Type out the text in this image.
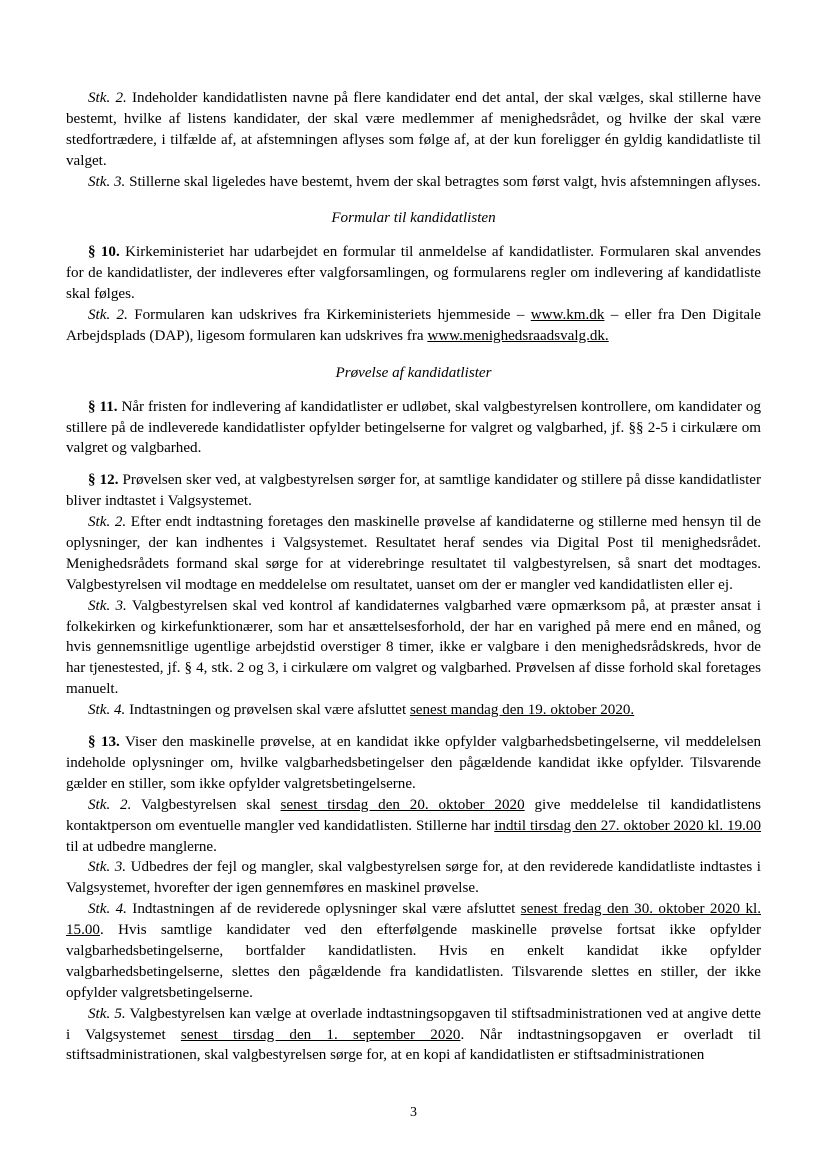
Stk. 2. Indeholder kandidatlisten navne på flere kandidater end det antal, der skal vælges, skal stillerne have bestemt, hvilke af listens kandidater, der skal være medlemmer af menighedsrådet, og hvilke der skal være stedfortrædere, i tilfælde af, at afstemningen aflyses som følge af, at der kun foreligger én gyldig kandidatliste til valget.

Stk. 3. Stillerne skal ligeledes have bestemt, hvem der skal betragtes som først valgt, hvis afstemningen aflyses.

Formular til kandidatlisten

§ 10. Kirkeministeriet har udarbejdet en formular til anmeldelse af kandidatlister. Formularen skal anvendes for de kandidatlister, der indleveres efter valgforsamlingen, og formularens regler om indlevering af kandidatliste skal følges.

Stk. 2. Formularen kan udskrives fra Kirkeministeriets hjemmeside – www.km.dk – eller fra Den Digitale Arbejdsplads (DAP), ligesom formularen kan udskrives fra www.menighedsraadsvalg.dk.

Prøvelse af kandidatlister

§ 11. Når fristen for indlevering af kandidatlister er udløbet, skal valgbestyrelsen kontrollere, om kandidater og stillere på de indleverede kandidatlister opfylder betingelserne for valgret og valgbarhed, jf. §§ 2-5 i cirkulære om valgret og valgbarhed.

§ 12. Prøvelsen sker ved, at valgbestyrelsen sørger for, at samtlige kandidater og stillere på disse kandidatlister bliver indtastet i Valgsystemet.

Stk. 2. Efter endt indtastning foretages den maskinelle prøvelse af kandidaterne og stillerne med hensyn til de oplysninger, der kan indhentes i Valgsystemet. Resultatet heraf sendes via Digital Post til menighedsrådet. Menighedsrådets formand skal sørge for at viderebringe resultatet til valgbestyrelsen, så snart det modtages. Valgbestyrelsen vil modtage en meddelelse om resultatet, uanset om der er mangler ved kandidatlisten eller ej.

Stk. 3. Valgbestyrelsen skal ved kontrol af kandidaternes valgbarhed være opmærksom på, at præster ansat i folkekirken og kirkefunktionærer, som har et ansættelsesforhold, der har en varighed på mere end en måned, og hvis gennemsnitlige ugentlige arbejdstid overstiger 8 timer, ikke er valgbare i den menighedsrådskreds, hvor de har tjenestested, jf. § 4, stk. 2 og 3, i cirkulære om valgret og valgbarhed. Prøvelsen af disse forhold skal foretages manuelt.

Stk. 4. Indtastningen og prøvelsen skal være afsluttet senest mandag den 19. oktober 2020.

§ 13. Viser den maskinelle prøvelse, at en kandidat ikke opfylder valgbarhedsbetingelserne, vil meddelelsen indeholde oplysninger om, hvilke valgbarhedsbetingelser den pågældende kandidat ikke opfylder. Tilsvarende gælder en stiller, som ikke opfylder valgretsbetingelserne.

Stk. 2. Valgbestyrelsen skal senest tirsdag den 20. oktober 2020 give meddelelse til kandidatlistens kontaktperson om eventuelle mangler ved kandidatlisten. Stillerne har indtil tirsdag den 27. oktober 2020 kl. 19.00 til at udbedre manglerne.

Stk. 3. Udbedres der fejl og mangler, skal valgbestyrelsen sørge for, at den reviderede kandidatliste indtastes i Valgsystemet, hvorefter der igen gennemføres en maskinel prøvelse.

Stk. 4. Indtastningen af de reviderede oplysninger skal være afsluttet senest fredag den 30. oktober 2020 kl. 15.00. Hvis samtlige kandidater ved den efterfølgende maskinelle prøvelse fortsat ikke opfylder valgbarhedsbetingelserne, bortfalder kandidatlisten. Hvis en enkelt kandidat ikke opfylder valgbarhedsbetingelserne, slettes den pågældende fra kandidatlisten. Tilsvarende slettes en stiller, der ikke opfylder valgretsbetingelserne.

Stk. 5. Valgbestyrelsen kan vælge at overlade indtastningsopgaven til stiftsadministrationen ved at angive dette i Valgsystemet senest tirsdag den 1. september 2020. Når indtastningsopgaven er overladt til stiftsadministrationen, skal valgbestyrelsen sørge for, at en kopi af kandidatlisten er stiftsadministrationen

3
